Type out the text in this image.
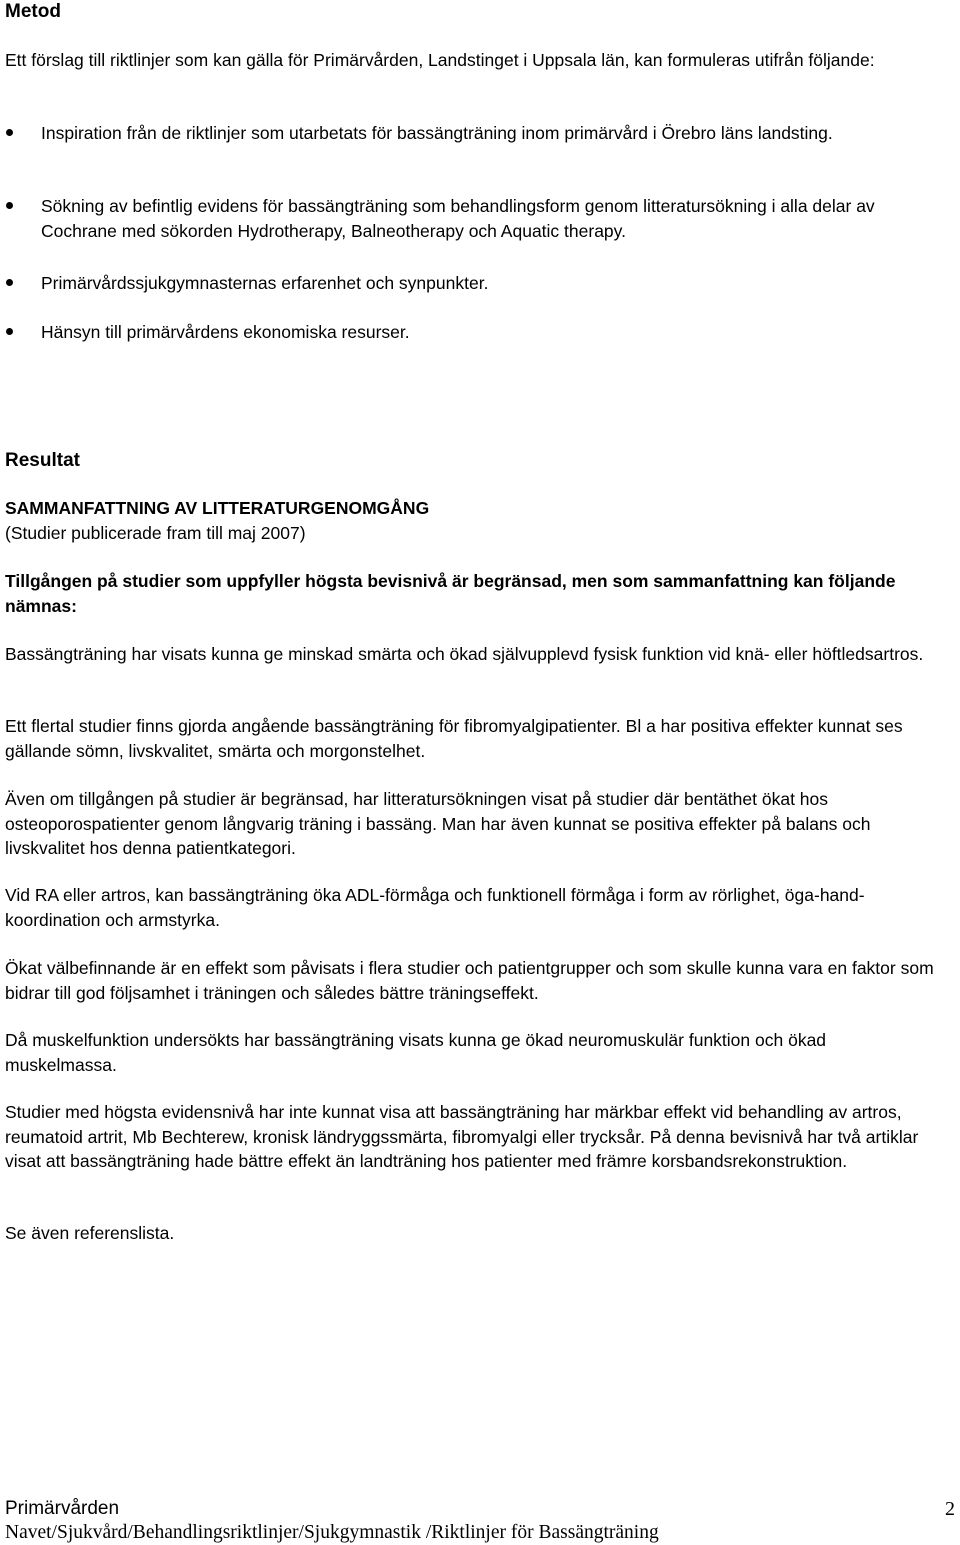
Metod

Ett förslag till riktlinjer som kan gälla för Primärvården, Landstinget i Uppsala län, kan formuleras utifrån följande:

Inspiration från de riktlinjer som utarbetats för bassängträning inom primärvård i Örebro läns landsting.
Sökning av befintlig evidens för bassängträning som behandlingsform genom litteratursökning i alla delar av Cochrane med sökorden Hydrotherapy, Balneotherapy och Aquatic therapy.
Primärvårdssjukgymnasternas erfarenhet och synpunkter.
Hänsyn till primärvårdens ekonomiska resurser.
Resultat
SAMMANFATTNING AV LITTERATURGENOMGÅNG
(Studier publicerade fram till maj 2007)

Tillgången på studier som uppfyller högsta bevisnivå är begränsad, men som sammanfattning kan följande nämnas:

Bassängträning har visats kunna ge minskad smärta och ökad självupplevd fysisk funktion vid knä- eller höftledsartros.

Ett flertal studier finns gjorda angående bassängträning för fibromyalgipatienter. Bl a har positiva effekter kunnat ses gällande sömn, livskvalitet, smärta och morgonstelhet.

Även om tillgången på studier är begränsad, har litteratursökningen visat på studier där bentäthet ökat hos osteoporospatienter genom långvarig träning i bassäng. Man har även kunnat se positiva effekter på balans och livskvalitet hos denna patientkategori.

Vid RA eller artros, kan bassängträning öka ADL-förmåga och funktionell förmåga i form av rörlighet, öga-hand-koordination och armstyrka.

Ökat välbefinnande är en effekt som påvisats i flera studier och patientgrupper och som skulle kunna vara en faktor som bidrar till god följsamhet i träningen och således bättre träningseffekt.

Då muskelfunktion undersökts har bassängträning visats kunna ge ökad neuromuskulär funktion och ökad muskelmassa.

Studier med högsta evidensnivå har inte kunnat visa att bassängträning har märkbar effekt vid behandling av artros, reumatoid artrit, Mb Bechterew, kronisk ländryggssmärta, fibromyalgi eller trycksår. På denna bevisnivå har två artiklar visat att bassängträning hade bättre effekt än landträning hos patienter med främre korsbandsrekonstruktion.

Se även referenslista.

Primärvården
Navet/Sjukvård/Behandlingsriktlinjer/Sjukgymnastik /Riktlinjer för Bassängträning
2
